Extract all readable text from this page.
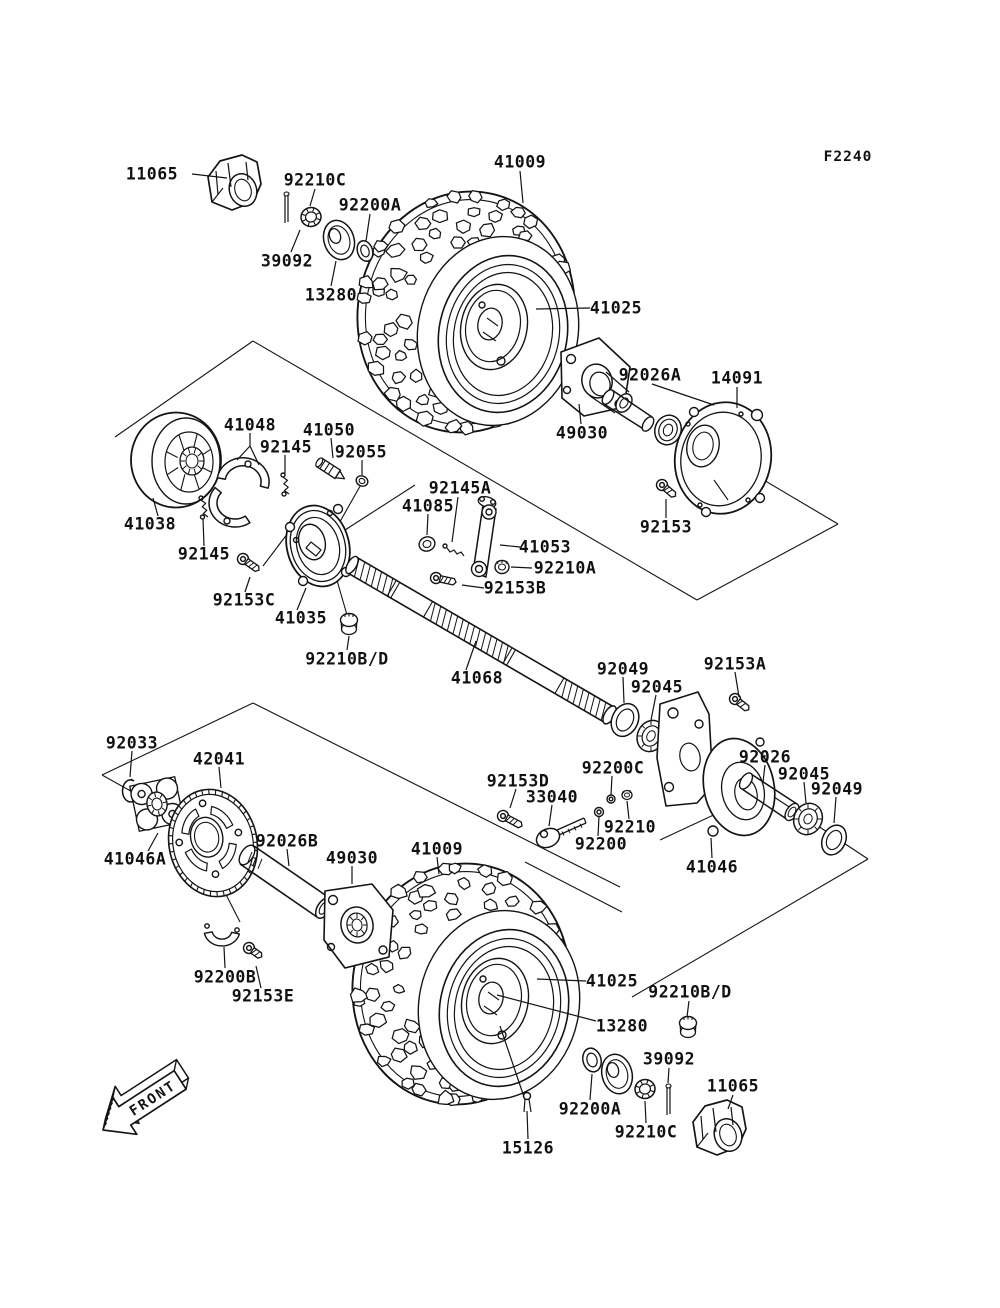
FRONT
F2240
11065	92210C
92200A
39092
13280
41009
41025
92026A 14091
49030
92153
41048 41050
92145 92055
92145A
41085
41038
92145
92153C
41035
92210B/D
41053
92210A
92153B
41068	92049
92045
92153A
92033
42041
41046A
92026B
49030 41009
92200B
92153E
92153D
33040
92200C
92210
92200
92026
92045
92049
41046
41025
92210B/D
13280
39092
11065
92200A
92210C
15126
